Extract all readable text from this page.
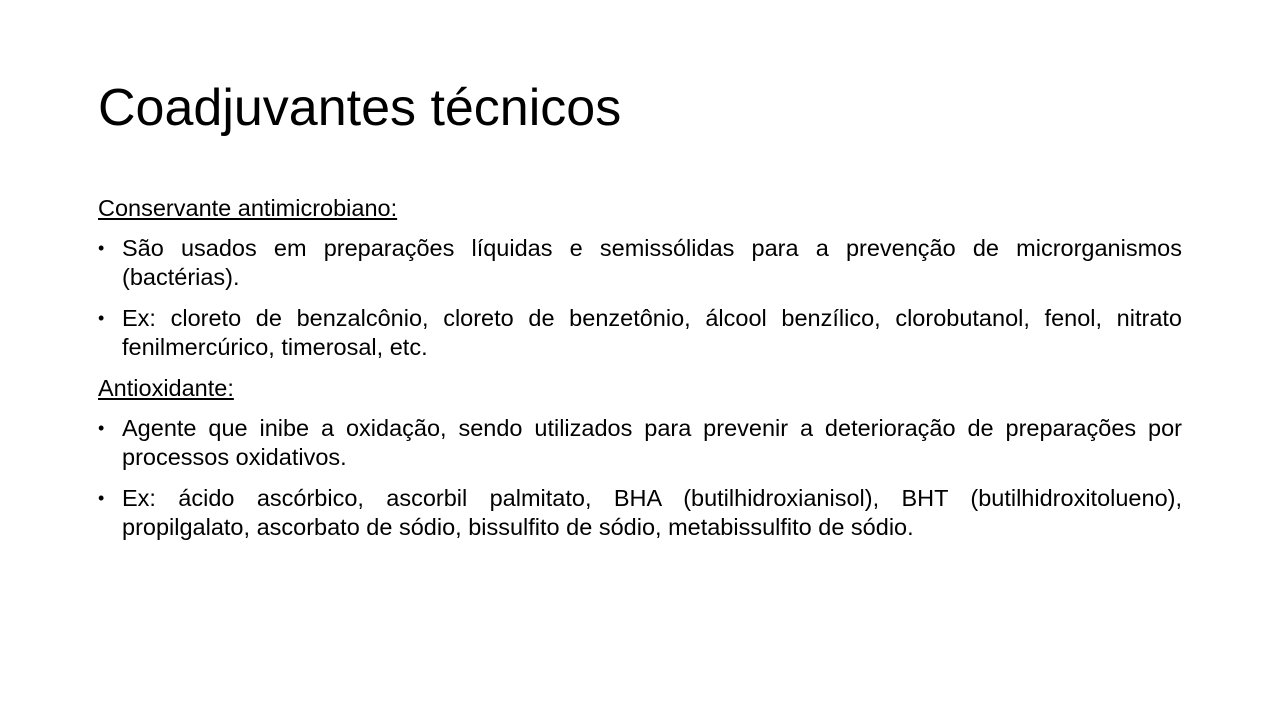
Coadjuvantes técnicos
Conservante antimicrobiano:
• São usados em preparações líquidas e semissólidas para a prevenção de microrganismos (bactérias).
• Ex: cloreto de benzalcônio, cloreto de benzetônio, álcool benzílico, clorobutanol, fenol, nitrato fenilmercúrico, timerosal, etc.
Antioxidante:
• Agente que inibe a oxidação, sendo utilizados para prevenir a deterioração de preparações por processos oxidativos.
• Ex: ácido ascórbico, ascorbil palmitato, BHA (butilhidroxianisol), BHT (butilhidroxitolueno), propilgalato, ascorbato de sódio, bissulfito de sódio, metabissulfito de sódio.
